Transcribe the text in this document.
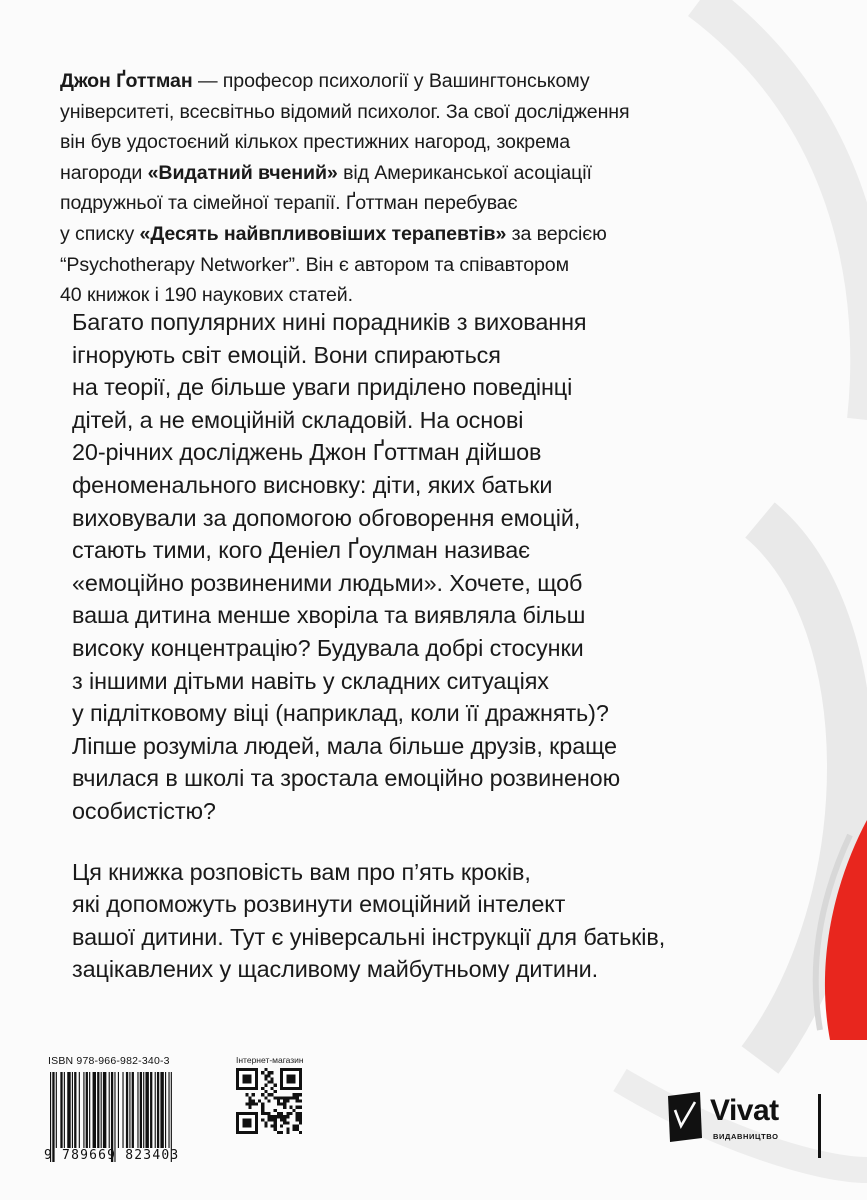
Джон Ґоттман — професор психології у Вашингтонському
університеті, всесвітньо відомий психолог. За свої дослідження
він був удостоєний кількох престижних нагород, зокрема
нагороди «Видатний вчений» від Американської асоціації
подружньої та сімейної терапії. Ґоттман перебуває
у списку «Десять найвпливовіших терапевтів» за версією
“Psychotherapy Networker”. Він є автором та співавтором
40 книжок і 190 наукових статей.
Багато популярних нині порадників з виховання
ігнорують світ емоцій. Вони спираються
на теорії, де більше уваги приділено поведінці
дітей, а не емоційній складовій. На основі
20-річних досліджень Джон Ґоттман дійшов
феноменального висновку: діти, яких батьки
виховували за допомогою обговорення емоцій,
стають тими, кого Деніел Ґоулман називає
«емоційно розвиненими людьми». Хочете, щоб
ваша дитина менше хворіла та виявляла більш
високу концентрацію? Будувала добрі стосунки
з іншими дітьми навіть у складних ситуаціях
у підлітковому віці (наприклад, коли її дражнять)?
Ліпше розуміла людей, мала більше друзів, краще
вчилася в школі та зростала емоційно розвиненою
особистістю?
Ця книжка розповість вам про п’ять кроків,
які допоможуть розвинути емоційний інтелект
вашої дитини. Тут є універсальні інструкції для батьків,
зацікавлених у щасливому майбутньому дитини.
ISBN 978-966-982-340-3
9 789669 823403
Інтернет-магазин
Vivat
ВИДАВНИЦТВО
